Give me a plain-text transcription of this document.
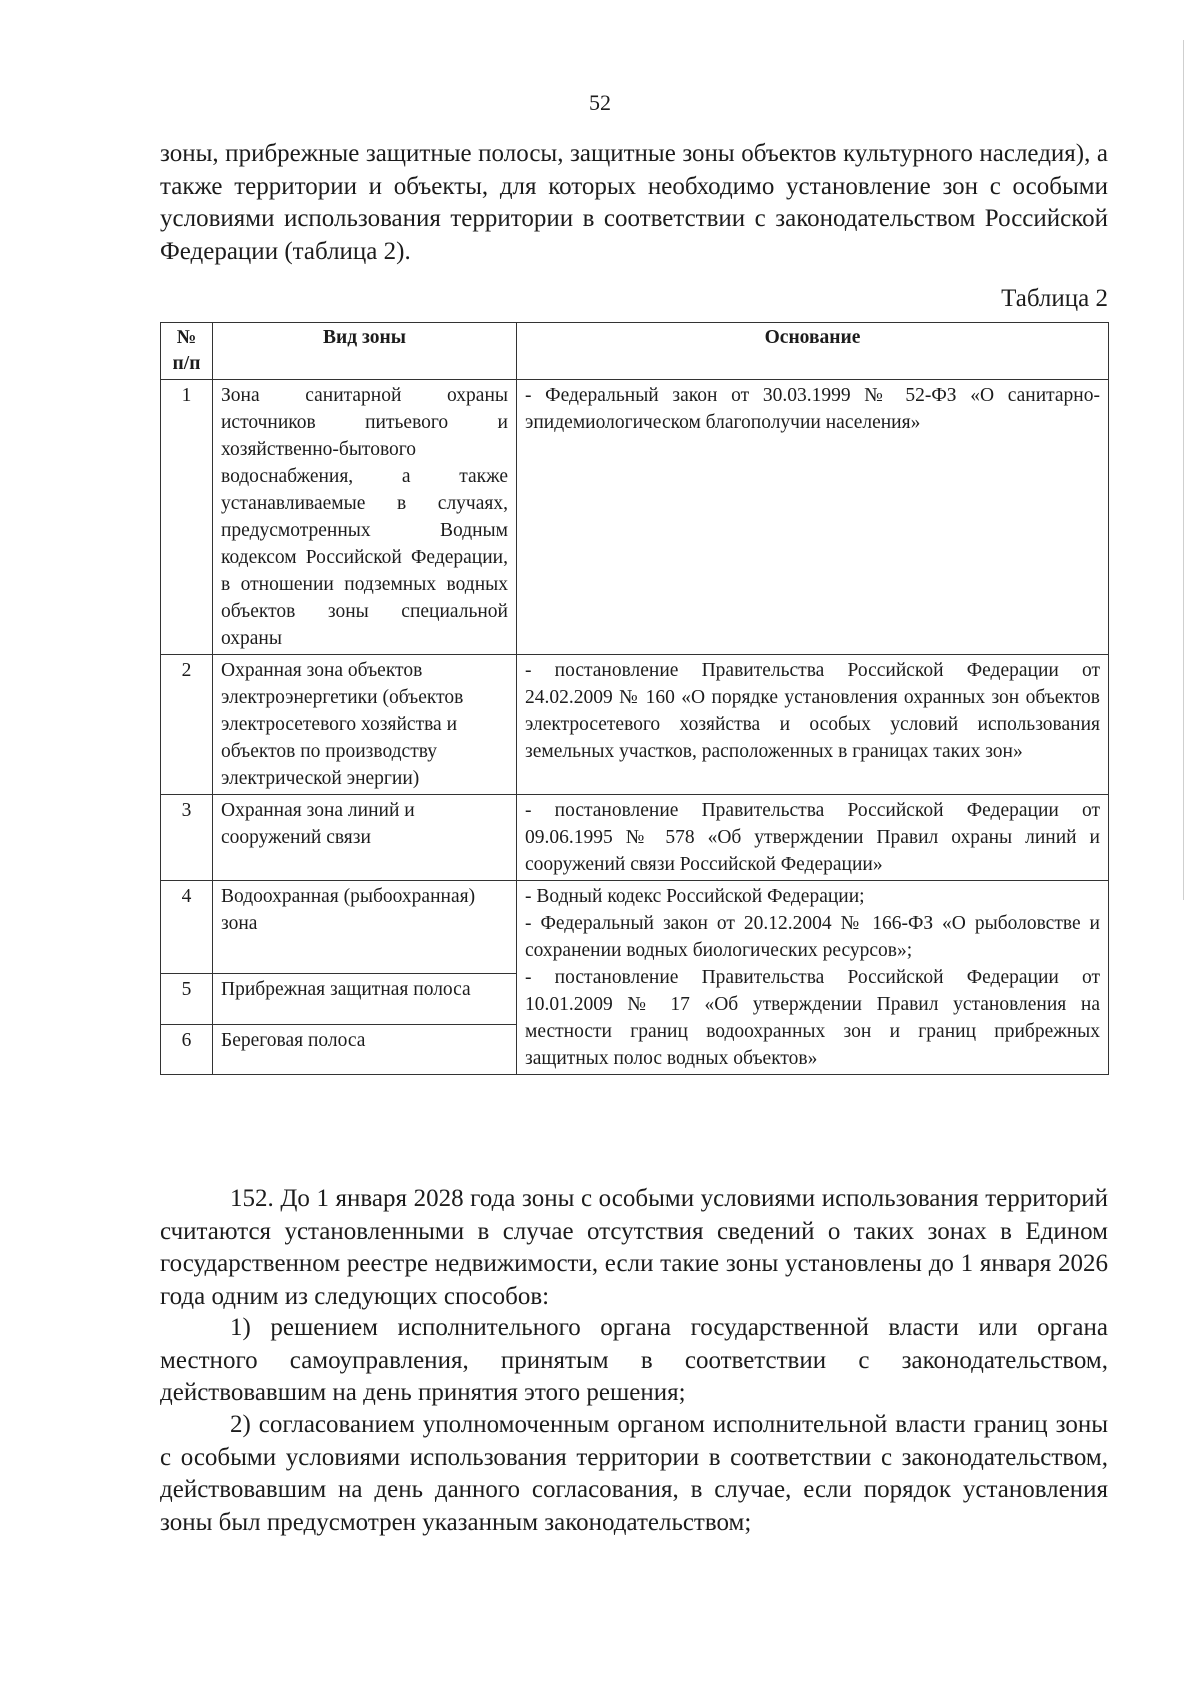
52

зоны, прибрежные защитные полосы, защитные зоны объектов культурного наследия), а также территории и объекты, для которых необходимо установление зон с особыми условиями использования территории в соответствии с законодательством Российской Федерации (таблица 2).

Таблица 2
№ п/п	Вид зоны	Основание
1	Зона санитарной охраны источников питьевого и хозяйственно-бытового водоснабжения, а также устанавливаемые в случаях, предусмотренных Водным кодексом Российской Федерации, в отношении подземных водных объектов зоны специальной охраны	- Федеральный закон от 30.03.1999 № 52-ФЗ «О санитарно-эпидемиологическом благополучии населения»
2	Охранная зона объектов электроэнергетики (объектов электросетевого хозяйства и объектов по производству электрической энергии)	- постановление Правительства Российской Федерации от 24.02.2009 № 160 «О порядке установления охранных зон объектов электросетевого хозяйства и особых условий использования земельных участков, расположенных в границах таких зон»
3	Охранная зона линий и сооружений связи	- постановление Правительства Российской Федерации от 09.06.1995 № 578 «Об утверждении Правил охраны линий и сооружений связи Российской Федерации»
4	Водоохранная (рыбоохранная) зона	- Водный кодекс Российской Федерации;
- Федеральный закон от 20.12.2004 № 166-ФЗ «О рыболовстве и сохранении водных биологических ресурсов»;
- постановление Правительства Российской Федерации от 10.01.2009 № 17 «Об утверждении Правил установления на местности границ водоохранных зон и границ прибрежных защитных полос водных объектов»

5	Прибрежная защитная полоса	
6	Береговая полоса	

152. До 1 января 2028 года зоны с особыми условиями использования территорий считаются установленными в случае отсутствия сведений о таких зонах в Едином государственном реестре недвижимости, если такие зоны установлены до 1 января 2026 года одним из следующих способов:

1) решением исполнительного органа государственной власти или органа местного самоуправления, принятым в соответствии с законодательством, действовавшим на день принятия этого решения;

2) согласованием уполномоченным органом исполнительной власти границ зоны с особыми условиями использования территории в соответствии с законодательством, действовавшим на день данного согласования, в случае, если порядок установления зоны был предусмотрен указанным законодательством;
